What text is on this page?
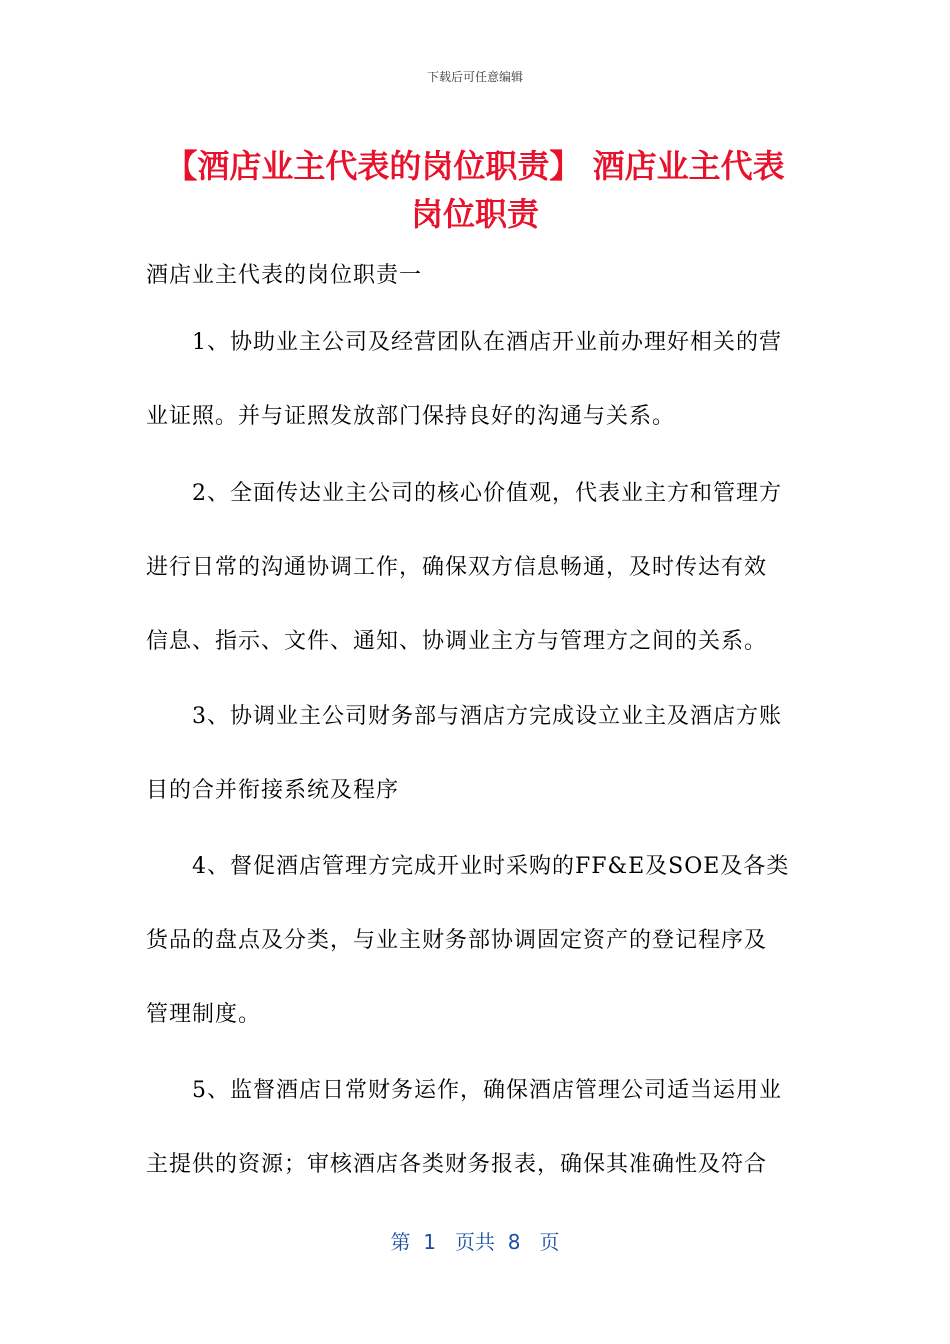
下载后可任意编辑
【酒店业主代表的岗位职责】 酒店业主代表
岗位职责
酒店业主代表的岗位职责一
1、协助业主公司及经营团队在酒店开业前办理好相关的营
业证照。并与证照发放部门保持良好的沟通与关系。
2、全面传达业主公司的核心价值观，代表业主方和管理方
进行日常的沟通协调工作，确保双方信息畅通，及时传达有效
信息、指示、文件、通知、协调业主方与管理方之间的关系。
3、协调业主公司财务部与酒店方完成设立业主及酒店方账
目的合并衔接系统及程序
4、督促酒店管理方完成开业时采购的FF&E及SOE及各类
货品的盘点及分类，与业主财务部协调固定资产的登记程序及
管理制度。
5、监督酒店日常财务运作，确保酒店管理公司适当运用业
主提供的资源；审核酒店各类财务报表，确保其准确性及符合
第  1   页共  8   页
